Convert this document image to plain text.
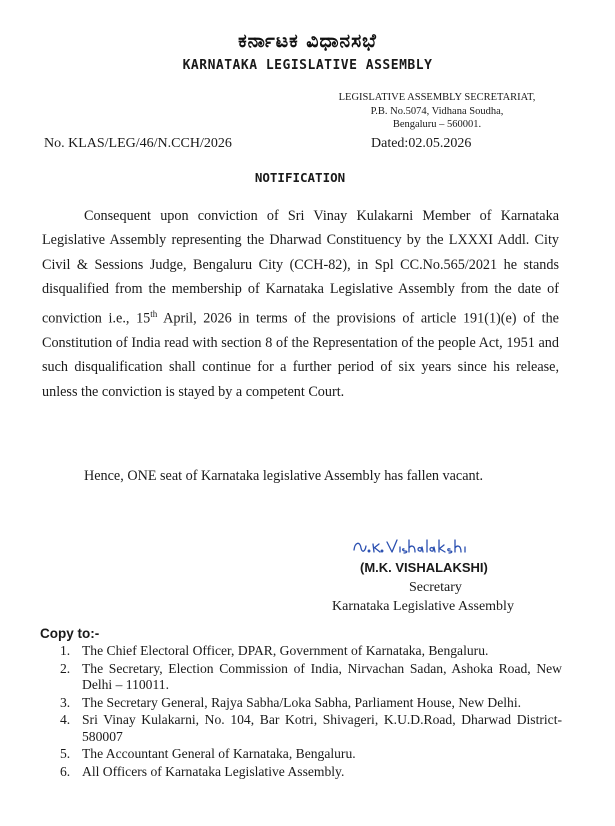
ಕರ್ನಾಟಕ ವಿಧಾನಸಭೆ
KARNATAKA LEGISLATIVE ASSEMBLY
LEGISLATIVE ASSEMBLY SECRETARIAT,
P.B. No.5074, Vidhana Soudha,
Bengaluru – 560001.
No. KLAS/LEG/46/N.CCH/2026	Dated:02.05.2026
NOTIFICATION
Consequent upon conviction of Sri Vinay Kulakarni Member of Karnataka Legislative Assembly representing the Dharwad Constituency by the LXXXI Addl. City Civil & Sessions Judge, Bengaluru City (CCH-82), in Spl CC.No.565/2021 he stands disqualified from the membership of Karnataka Legislative Assembly from the date of conviction i.e., 15th April, 2026 in terms of the provisions of article 191(1)(e) of the Constitution of India read with section 8 of the Representation of the people Act, 1951 and such disqualification shall continue for a further period of six years since his release, unless the conviction is stayed by a competent Court.
Hence, ONE seat of Karnataka legislative Assembly has fallen vacant.
(M.K. VISHALAKSHI)
Secretary
Karnataka Legislative Assembly
Copy to:-
1. The Chief Electoral Officer, DPAR, Government of Karnataka, Bengaluru.
2. The Secretary, Election Commission of India, Nirvachan Sadan, Ashoka Road, New Delhi – 110011.
3. The Secretary General, Rajya Sabha/Loka Sabha, Parliament House, New Delhi.
4. Sri Vinay Kulakarni, No. 104, Bar Kotri, Shivageri, K.U.D.Road, Dharwad District-580007
5. The Accountant General of Karnataka, Bengaluru.
6. All Officers of Karnataka Legislative Assembly.
